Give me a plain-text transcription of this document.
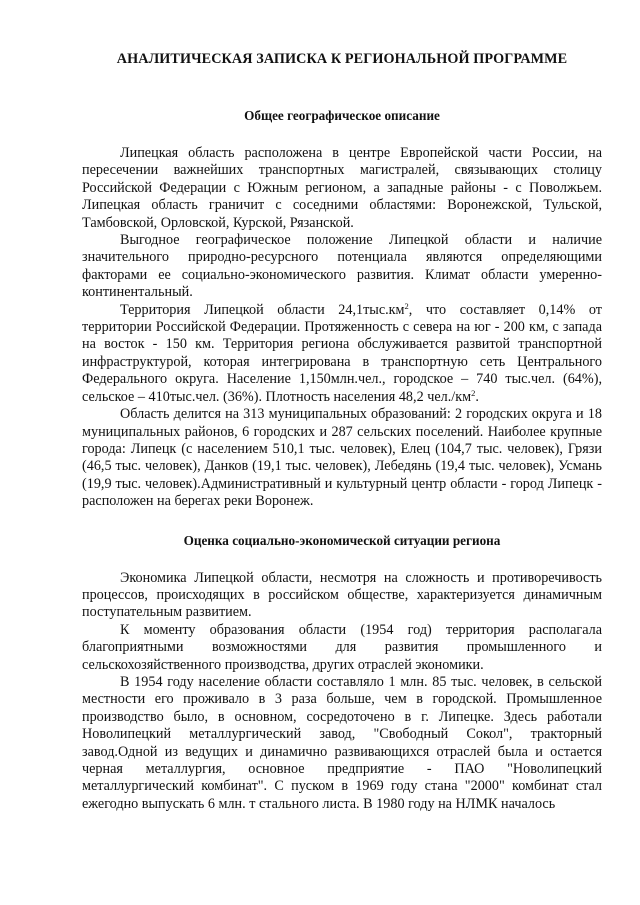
АНАЛИТИЧЕСКАЯ ЗАПИСКА К РЕГИОНАЛЬНОЙ ПРОГРАММЕ
Общее географическое описание

Липецкая область расположена в центре Европейской части России, на пересечении важнейших транспортных магистралей, связывающих столицу Российской Федерации с Южным регионом, а западные районы - с Поволжьем. Липецкая область граничит с соседними областями: Воронежской, Тульской, Тамбовской, Орловской, Курской, Рязанской.

Выгодное географическое положение Липецкой области и наличие значительного природно-ресурсного потенциала являются определяющими факторами ее социально-экономического развития. Климат области умеренно-континентальный.

Территория Липецкой области $24,1тыс.км^2$, что составляет 0,14% от территории Российской Федерации. Протяженность с севера на юг - 200 км, с запада на восток - 150 км. Территория региона обслуживается развитой транспортной инфраструктурой, которая интегрирована в транспортную сеть Центрального Федерального округа. Население 1,150млн.чел., городское – 740 тыс.чел. (64%), сельское – 410тыс.чел. (36%). Плотность населения 48,2 $чел./км^2$.

Область делится на 313 муниципальных образований: 2 городских округа и 18 муниципальных районов, 6 городских и 287 сельских поселений. Наиболее крупные города: Липецк (с населением 510,1 тыс. человек), Елец (104,7 тыс. человек), Грязи (46,5 тыс. человек), Данков (19,1 тыс. человек), Лебедянь (19,4 тыс. человек), Усмань (19,9 тыс. человек).Административный и культурный центр области - город Липецк - расположен на берегах реки Воронеж.

Оценка социально-экономической ситуации региона

Экономика Липецкой области, несмотря на сложность и противоречивость процессов, происходящих в российском обществе, характеризуется динамичным поступательным развитием.

К моменту образования области (1954 год) территория располагала благоприятными возможностями для развития промышленного и сельскохозяйственного производства, других отраслей экономики.

В 1954 году население области составляло 1 млн. 85 тыс. человек, в сельской местности его проживало в 3 раза больше, чем в городской. Промышленное производство было, в основном, сосредоточено в г. Липецке. Здесь работали Новолипецкий металлургический завод, "Свободный Сокол", тракторный завод.Одной из ведущих и динамично развивающихся отраслей была и остается черная металлургия, основное предприятие - ПАО "Новолипецкий металлургический комбинат". С пуском в 1969 году стана "2000" комбинат стал ежегодно выпускать 6 млн. т стального листа. В 1980 году на НЛМК началось
